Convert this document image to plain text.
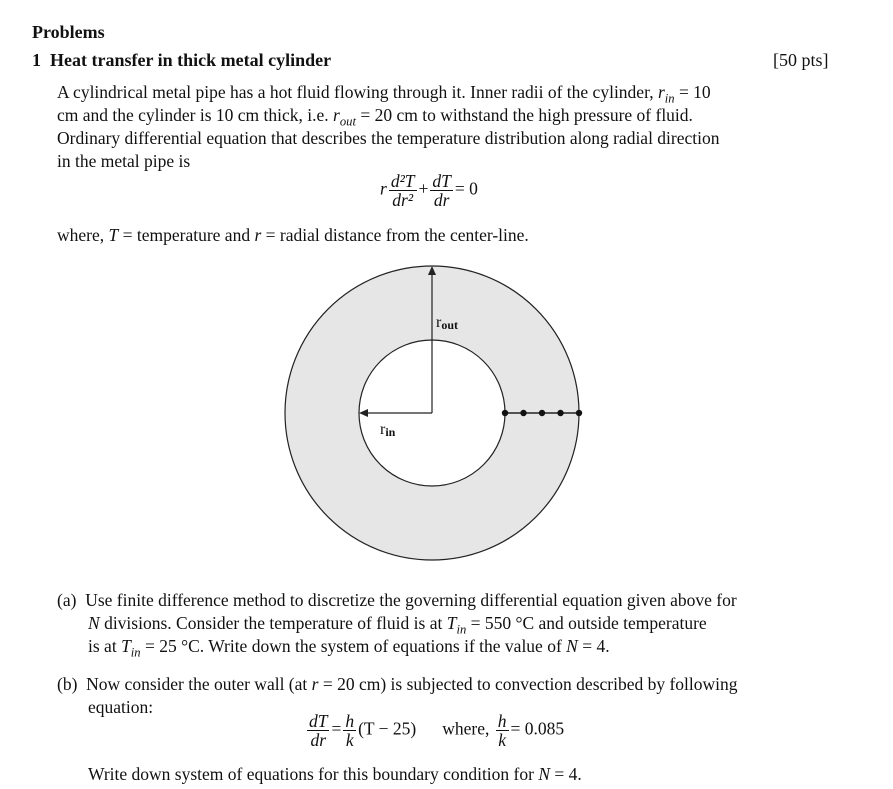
Problems
1 Heat transfer in thick metal cylinder	[50 pts]
A cylindrical metal pipe has a hot fluid flowing through it. Inner radii of the cylinder, $r_{in} = 10$
cm and the cylinder is 10 cm thick, i.e. $r_{out} = 20$ cm to withstand the high pressure of fluid.
Ordinary differential equation that describes the temperature distribution along radial direction
in the metal pipe is
r $\frac{\text{d²T}}{\text{dr²}} + \frac{dT}{dr} = 0$
where, T = temperature and r = radial distance from the center-line.
rout
rin
(a) Use finite difference method to discretize the governing differential equation given above for
N divisions. Consider the temperature of fluid is at $T_{in} = 550$ °C and outside temperature
is at $T_{in} = 25$ °C. Write down the system of equations if the value of N = 4.
(b) Now consider the outer wall (at r = 20 cm) is subjected to convection described by following
equation:
$\frac{dT}{dr} = \frac{h}{k} (T - 25)$ where, $\frac{h}{k} = 0.085$
Write down system of equations for this boundary condition for N = 4.
